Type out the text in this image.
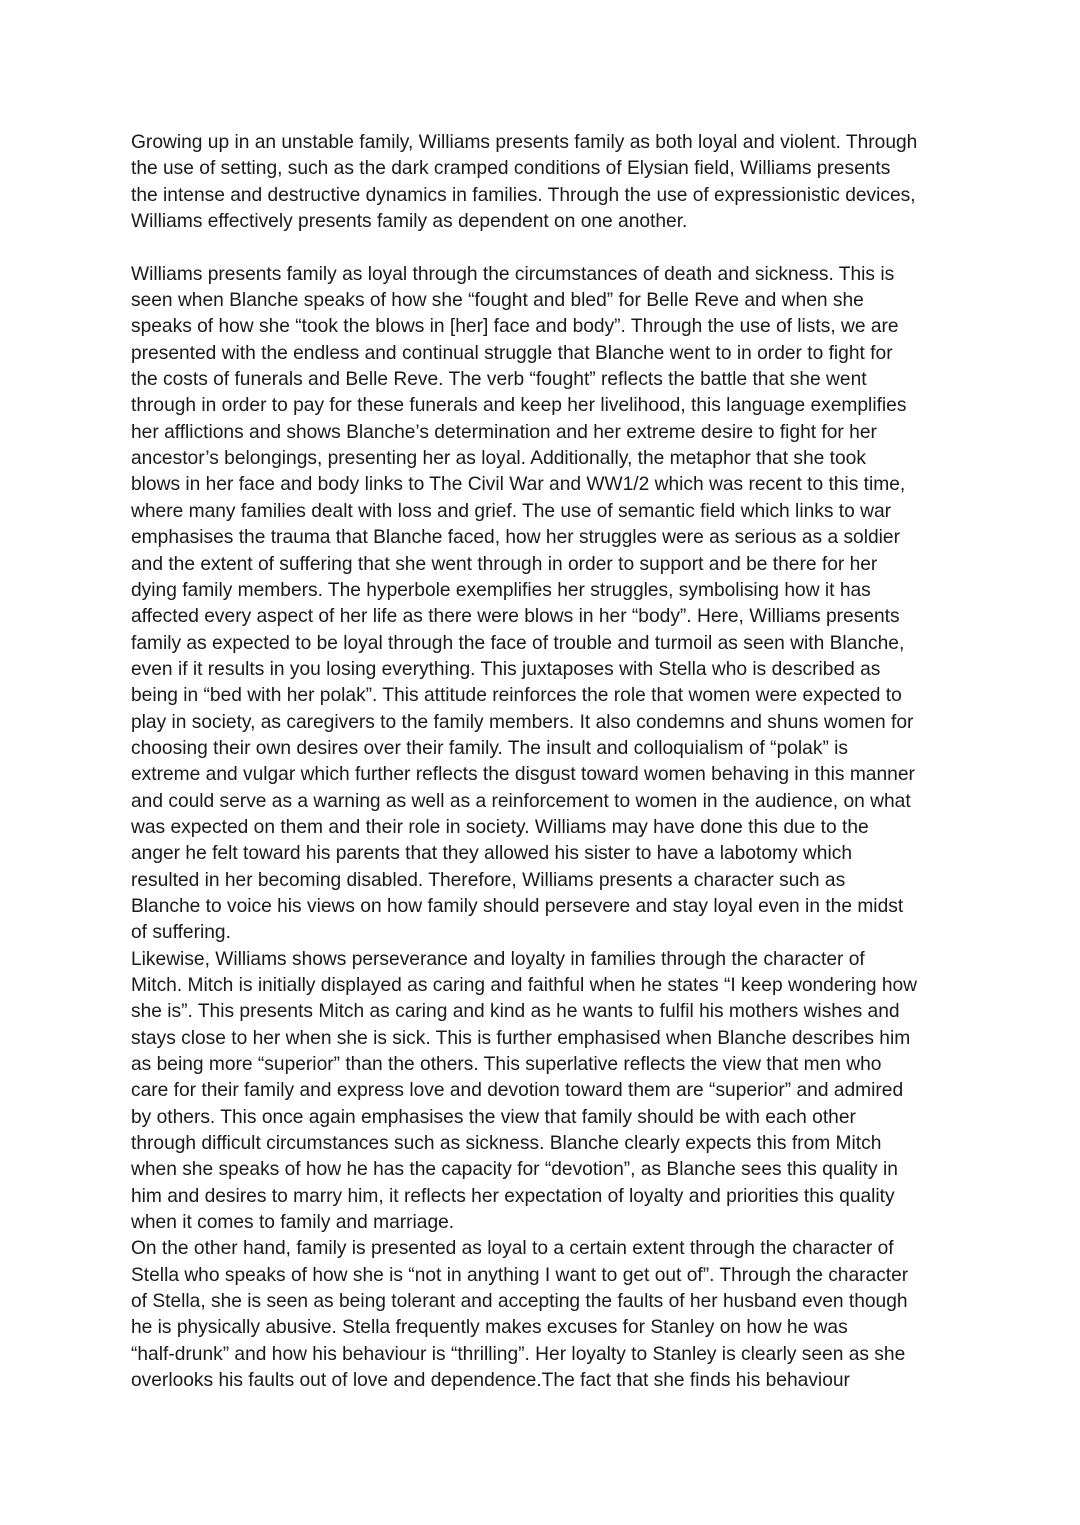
Growing up in an unstable family, Williams presents family as both loyal and violent. Through
the use of setting, such as the dark cramped conditions of Elysian field, Williams presents
the intense and destructive dynamics in families. Through the use of expressionistic devices,
Williams effectively presents family as dependent on one another.

Williams presents family as loyal through the circumstances of death and sickness. This is
seen when Blanche speaks of how she “fought and bled” for Belle Reve and when she
speaks of how she “took the blows in [her] face and body”. Through the use of lists, we are
presented with the endless and continual struggle that Blanche went to in order to fight for
the costs of funerals and Belle Reve. The verb “fought” reflects the battle that she went
through in order to pay for these funerals and keep her livelihood, this language exemplifies
her afflictions and shows Blanche’s determination and her extreme desire to fight for her
ancestor’s belongings, presenting her as loyal. Additionally, the metaphor that she took
blows in her face and body links to The Civil War and WW1/2 which was recent to this time,
where many families dealt with loss and grief. The use of semantic field which links to war
emphasises the trauma that Blanche faced, how her struggles were as serious as a soldier
and the extent of suffering that she went through in order to support and be there for her
dying family members. The hyperbole exemplifies her struggles, symbolising how it has
affected every aspect of her life as there were blows in her “body”. Here, Williams presents
family as expected to be loyal through the face of trouble and turmoil as seen with Blanche,
even if it results in you losing everything. This juxtaposes with Stella who is described as
being in “bed with her polak”. This attitude reinforces the role that women were expected to
play in society, as caregivers to the family members. It also condemns and shuns women for
choosing their own desires over their family. The insult and colloquialism of “polak” is
extreme and vulgar which further reflects the disgust toward women behaving in this manner
and could serve as a warning as well as a reinforcement to women in the audience, on what
was expected on them and their role in society. Williams may have done this due to the
anger he felt toward his parents that they allowed his sister to have a labotomy which
resulted in her becoming disabled. Therefore, Williams presents a character such as
Blanche to voice his views on how family should persevere and stay loyal even in the midst
of suffering.

Likewise, Williams shows perseverance and loyalty in families through the character of
Mitch. Mitch is initially displayed as caring and faithful when he states “I keep wondering how
she is”. This presents Mitch as caring and kind as he wants to fulfil his mothers wishes and
stays close to her when she is sick. This is further emphasised when Blanche describes him
as being more “superior” than the others. This superlative reflects the view that men who
care for their family and express love and devotion toward them are “superior” and admired
by others. This once again emphasises the view that family should be with each other
through difficult circumstances such as sickness. Blanche clearly expects this from Mitch
when she speaks of how he has the capacity for “devotion”, as Blanche sees this quality in
him and desires to marry him, it reflects her expectation of loyalty and priorities this quality
when it comes to family and marriage.

On the other hand, family is presented as loyal to a certain extent through the character of
Stella who speaks of how she is “not in anything I want to get out of”. Through the character
of Stella, she is seen as being tolerant and accepting the faults of her husband even though
he is physically abusive. Stella frequently makes excuses for Stanley on how he was
“half-drunk” and how his behaviour is “thrilling”. Her loyalty to Stanley is clearly seen as she
overlooks his faults out of love and dependence.The fact that she finds his behaviour
